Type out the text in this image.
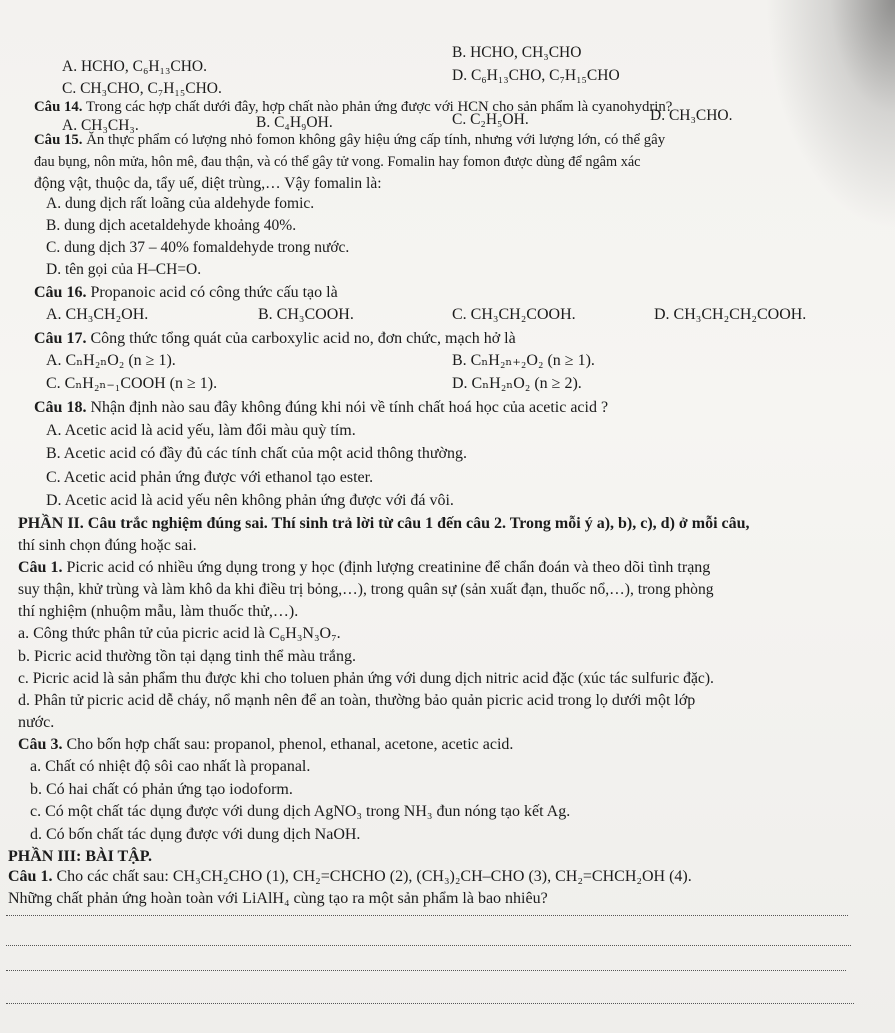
A. HCHO, C₆H₁₃CHO.
B. HCHO, CH₃CHO
C. CH₃CHO, C₇H₁₅CHO.
D. C₆H₁₃CHO, C₇H₁₅CHO
Câu 14. Trong các hợp chất dưới đây, hợp chất nào phản ứng được với HCN cho sản phẩm là cyanohydrin?
A. CH₃CH₃.	B. C₄H₉OH.	C. C₂H₅OH.	D. CH₃CHO.
Câu 15. Ăn thực phẩm có lượng nhỏ fomon không gây hiệu ứng cấp tính, nhưng với lượng lớn, có thể gây
đau bụng, nôn mửa, hôn mê, đau thận, và có thể gây tử vong. Fomalin hay fomon được dùng để ngâm xác
động vật, thuộc da, tẩy uế, diệt trùng,… Vậy fomalin là:
A. dung dịch rất loãng của aldehyde fomic.
B. dung dịch acetaldehyde khoảng 40%.
C. dung dịch 37 – 40% fomaldehyde trong nước.
D. tên gọi của H–CH=O.
Câu 16. Propanoic acid có công thức cấu tạo là
A. CH₃CH₂OH.	B. CH₃COOH.	C. CH₃CH₂COOH.	D. CH₃CH₂CH₂COOH.
Câu 17. Công thức tổng quát của carboxylic acid no, đơn chức, mạch hở là
A. CₙH₂ₙO₂ (n ≥ 1).	B. CₙH₂ₙ₊₂O₂ (n ≥ 1).
C. CₙH₂ₙ₋₁COOH (n ≥ 1).	D. CₙH₂ₙO₂ (n ≥ 2).
Câu 18. Nhận định nào sau đây không đúng khi nói về tính chất hoá học của acetic acid ?
A. Acetic acid là acid yếu, làm đổi màu quỳ tím.
B. Acetic acid có đầy đủ các tính chất của một acid thông thường.
C. Acetic acid phản ứng được với ethanol tạo ester.
D. Acetic acid là acid yếu nên không phản ứng được với đá vôi.
PHẦN II. Câu trắc nghiệm đúng sai. Thí sinh trả lời từ câu 1 đến câu 2. Trong mỗi ý a), b), c), d) ở mỗi câu,
thí sinh chọn đúng hoặc sai.
Câu 1. Picric acid có nhiều ứng dụng trong y học (định lượng creatinine để chẩn đoán và theo dõi tình trạng
suy thận, khử trùng và làm khô da khi điều trị bỏng,…), trong quân sự (sản xuất đạn, thuốc nổ,…), trong phòng
thí nghiệm (nhuộm mẫu, làm thuốc thử,…).
a. Công thức phân tử của picric acid là C₆H₃N₃O₇.
b. Picric acid thường tồn tại dạng tinh thể màu trắng.
c. Picric acid là sản phẩm thu được khi cho toluen phản ứng với dung dịch nitric acid đặc (xúc tác sulfuric đặc).
d. Phân tử picric acid dễ cháy, nổ mạnh nên để an toàn, thường bảo quản picric acid trong lọ dưới một lớp
nước.
Câu 3. Cho bốn hợp chất sau: propanol, phenol, ethanal, acetone, acetic acid.
a. Chất có nhiệt độ sôi cao nhất là propanal.
b. Có hai chất có phản ứng tạo iodoform.
c. Có một chất tác dụng được với dung dịch AgNO₃ trong NH₃ đun nóng tạo kết Ag.
d. Có bốn chất tác dụng được với dung dịch NaOH.
PHẦN III: BÀI TẬP.
Câu 1. Cho các chất sau: CH₃CH₂CHO (1), CH₂=CHCHO (2), (CH₃)₂CH–CHO (3), CH₂=CHCH₂OH (4).
Những chất phản ứng hoàn toàn với LiAlH₄ cùng tạo ra một sản phẩm là bao nhiêu?
